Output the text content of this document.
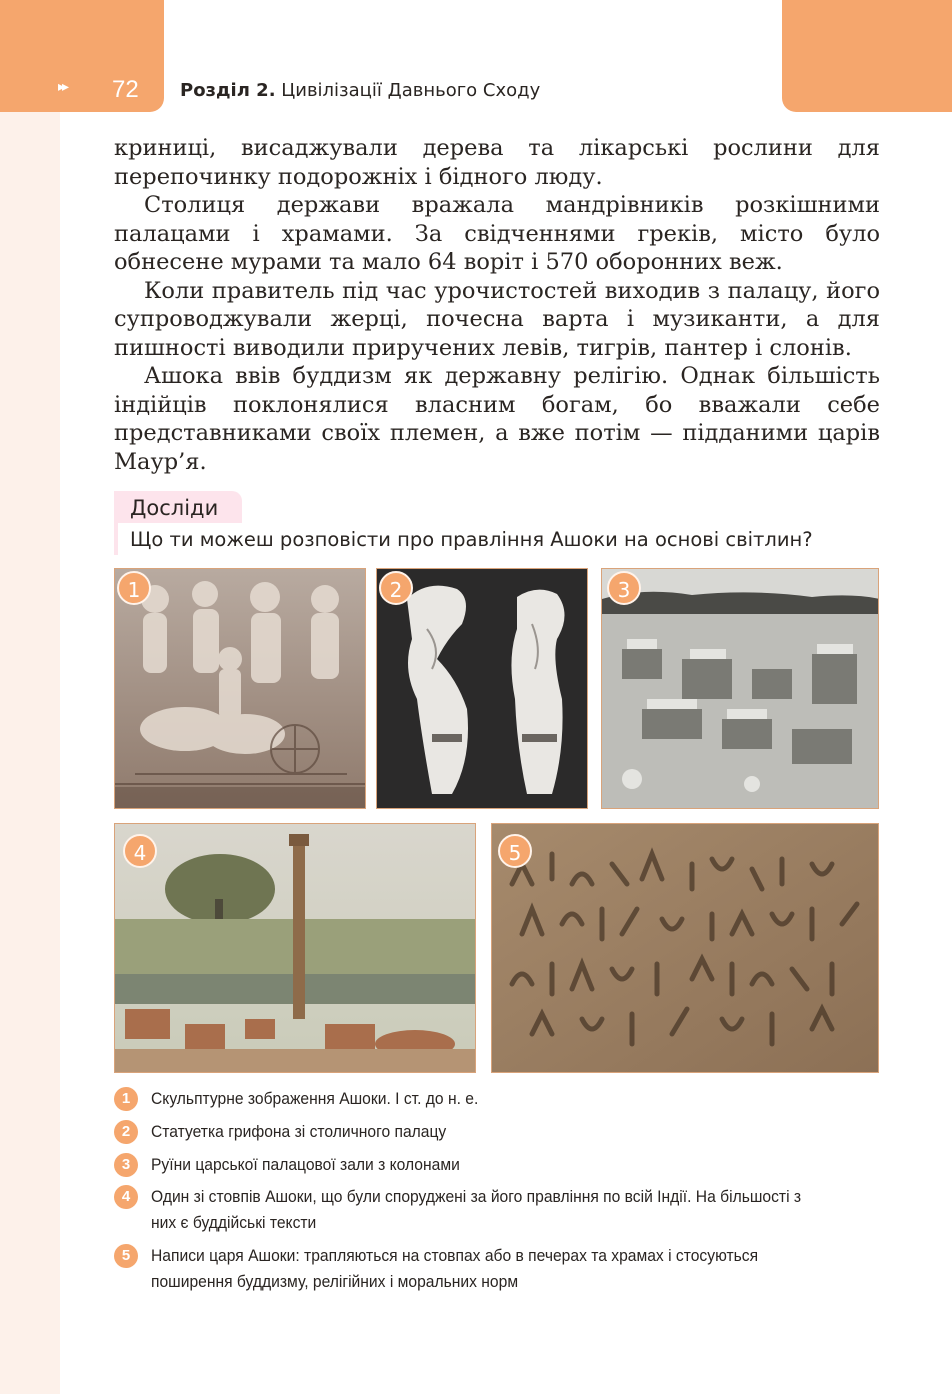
▸▸ 72 Розділ 2. Цивілізації Давнього Сходу

криниці, висаджували дерева та лікарські рослини для перепочинку подорожніх і бідного люду.

Столиця держави вражала мандрівників розкішними палацами і храмами. За свідченнями греків, місто було обнесене мурами та мало 64 воріт і 570 оборонних веж.

Коли правитель під час урочистостей виходив з палацу, його супроводжували жерці, почесна варта і музиканти, а для пишності виводили приручених левів, тигрів, пантер і слонів.

Ашока ввів буддизм як державну релігію. Однак більшість індійців поклонялися власним богам, бо вважали себе представниками своїх племен, а вже потім — підданими царів Маур’я.

Досліди
Що ти можеш розповісти про правління Ашоки на основі світлин?
1	2	3
4	5
1	Скульптурне зображення Ашоки. І ст. до н. е.
2	Статуетка грифона зі столичного палацу
3	Руїни царської палацової зали з колонами
4	Один зі стовпів Ашоки, що були споруджені за його правління по всій Індії. На більшості з них є буддійські тексти
5	Написи царя Ашоки: трапляються на стовпах або в печерах та храмах і стосуються поширення буддизму, релігійних і моральних норм
